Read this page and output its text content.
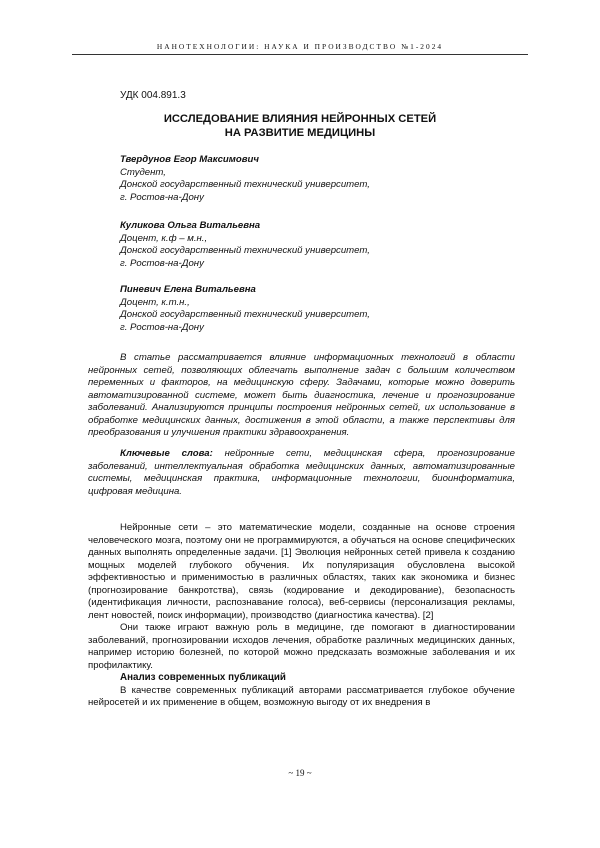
НАНОТЕХНОЛОГИИ: НАУКА И ПРОИЗВОДСТВО №1-2024
УДК 004.891.3
ИССЛЕДОВАНИЕ ВЛИЯНИЯ НЕЙРОННЫХ СЕТЕЙ
НА РАЗВИТИЕ МЕДИЦИНЫ
Твердунов Егор Максимович
Студент,
Донской государственный технический университет,
г. Ростов-на-Дону
Куликова Ольга Витальевна
Доцент, к.ф – м.н.,
Донской государственный технический университет,
г. Ростов-на-Дону
Пиневич Елена Витальевна
Доцент, к.т.н.,
Донской государственный технический университет,
г. Ростов-на-Дону

В статье рассматривается влияние информационных технологий в области нейронных сетей, позволяющих облегчать выполнение задач с большим количеством переменных и факторов, на медицинскую сферу. Задачами, которые можно доверить автоматизированной системе, может быть диагностика, лечение и прогнозирование заболеваний. Анализируются принципы построения нейронных сетей, их использование в обработке медицинских данных, достижения в этой области, а также перспективы для преобразования и улучшения практики здравоохранения.

Ключевые слова: нейронные сети, медицинская сфера, прогнозирование заболеваний, интеллектуальная обработка медицинских данных, автоматизированные системы, медицинская практика, информационные технологии, биоинформатика, цифровая медицина.

Нейронные сети – это математические модели, созданные на основе строения человеческого мозга, поэтому они не программируются, а обучаться на основе специфических данных выполнять определенные задачи. [1] Эволюция нейронных сетей привела к созданию мощных моделей глубокого обучения. Их популяризация обусловлена высокой эффективностью и применимостью в различных областях, таких как экономика и бизнес (прогнозирование банкротства), связь (кодирование и декодирование), безопасность (идентификация личности, распознавание голоса), веб-сервисы (персонализация рекламы, лент новостей, поиск информации), производство (диагностика качества). [2]

Они также играют важную роль в медицине, где помогают в диагностировании заболеваний, прогнозировании исходов лечения, обработке различных медицинских данных, например историю болезней, по которой можно предсказать возможные заболевания и их профилактику.

Анализ современных публикаций

В качестве современных публикаций авторами рассматривается глубокое обучение нейросетей и их применение в общем, возможную выгоду от их внедрения в

~ 19 ~
